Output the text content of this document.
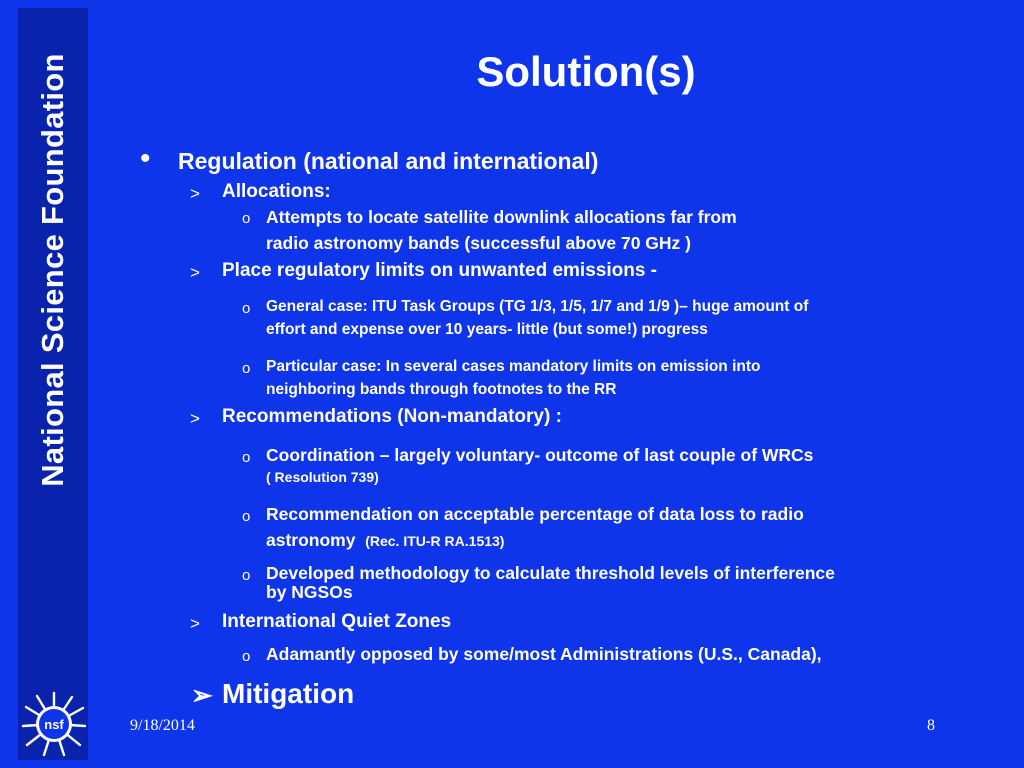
National Science Foundation
nsf
Solution(s)
• Regulation (national and international)
> Allocations:
o Attempts to locate satellite downlink allocations far from
radio astronomy bands (successful above 70 GHz )
> Place regulatory limits on unwanted emissions -
o General case: ITU Task Groups (TG 1/3, 1/5, 1/7 and 1/9 )– huge amount of
effort and expense over 10 years- little (but some!) progress
o Particular case: In several cases mandatory limits on emission into
neighboring bands through footnotes to the RR
> Recommendations (Non-mandatory) :
o Coordination – largely voluntary- outcome of last couple of WRCs
( Resolution 739)
o Recommendation on acceptable percentage of data loss to radio
astronomy (Rec. ITU-R RA.1513)
o Developed methodology to calculate threshold levels of interference
by NGSOs
> International Quiet Zones
o Adamantly opposed by some/most Administrations (U.S., Canada),
➢ Mitigation
9/18/2014	8
